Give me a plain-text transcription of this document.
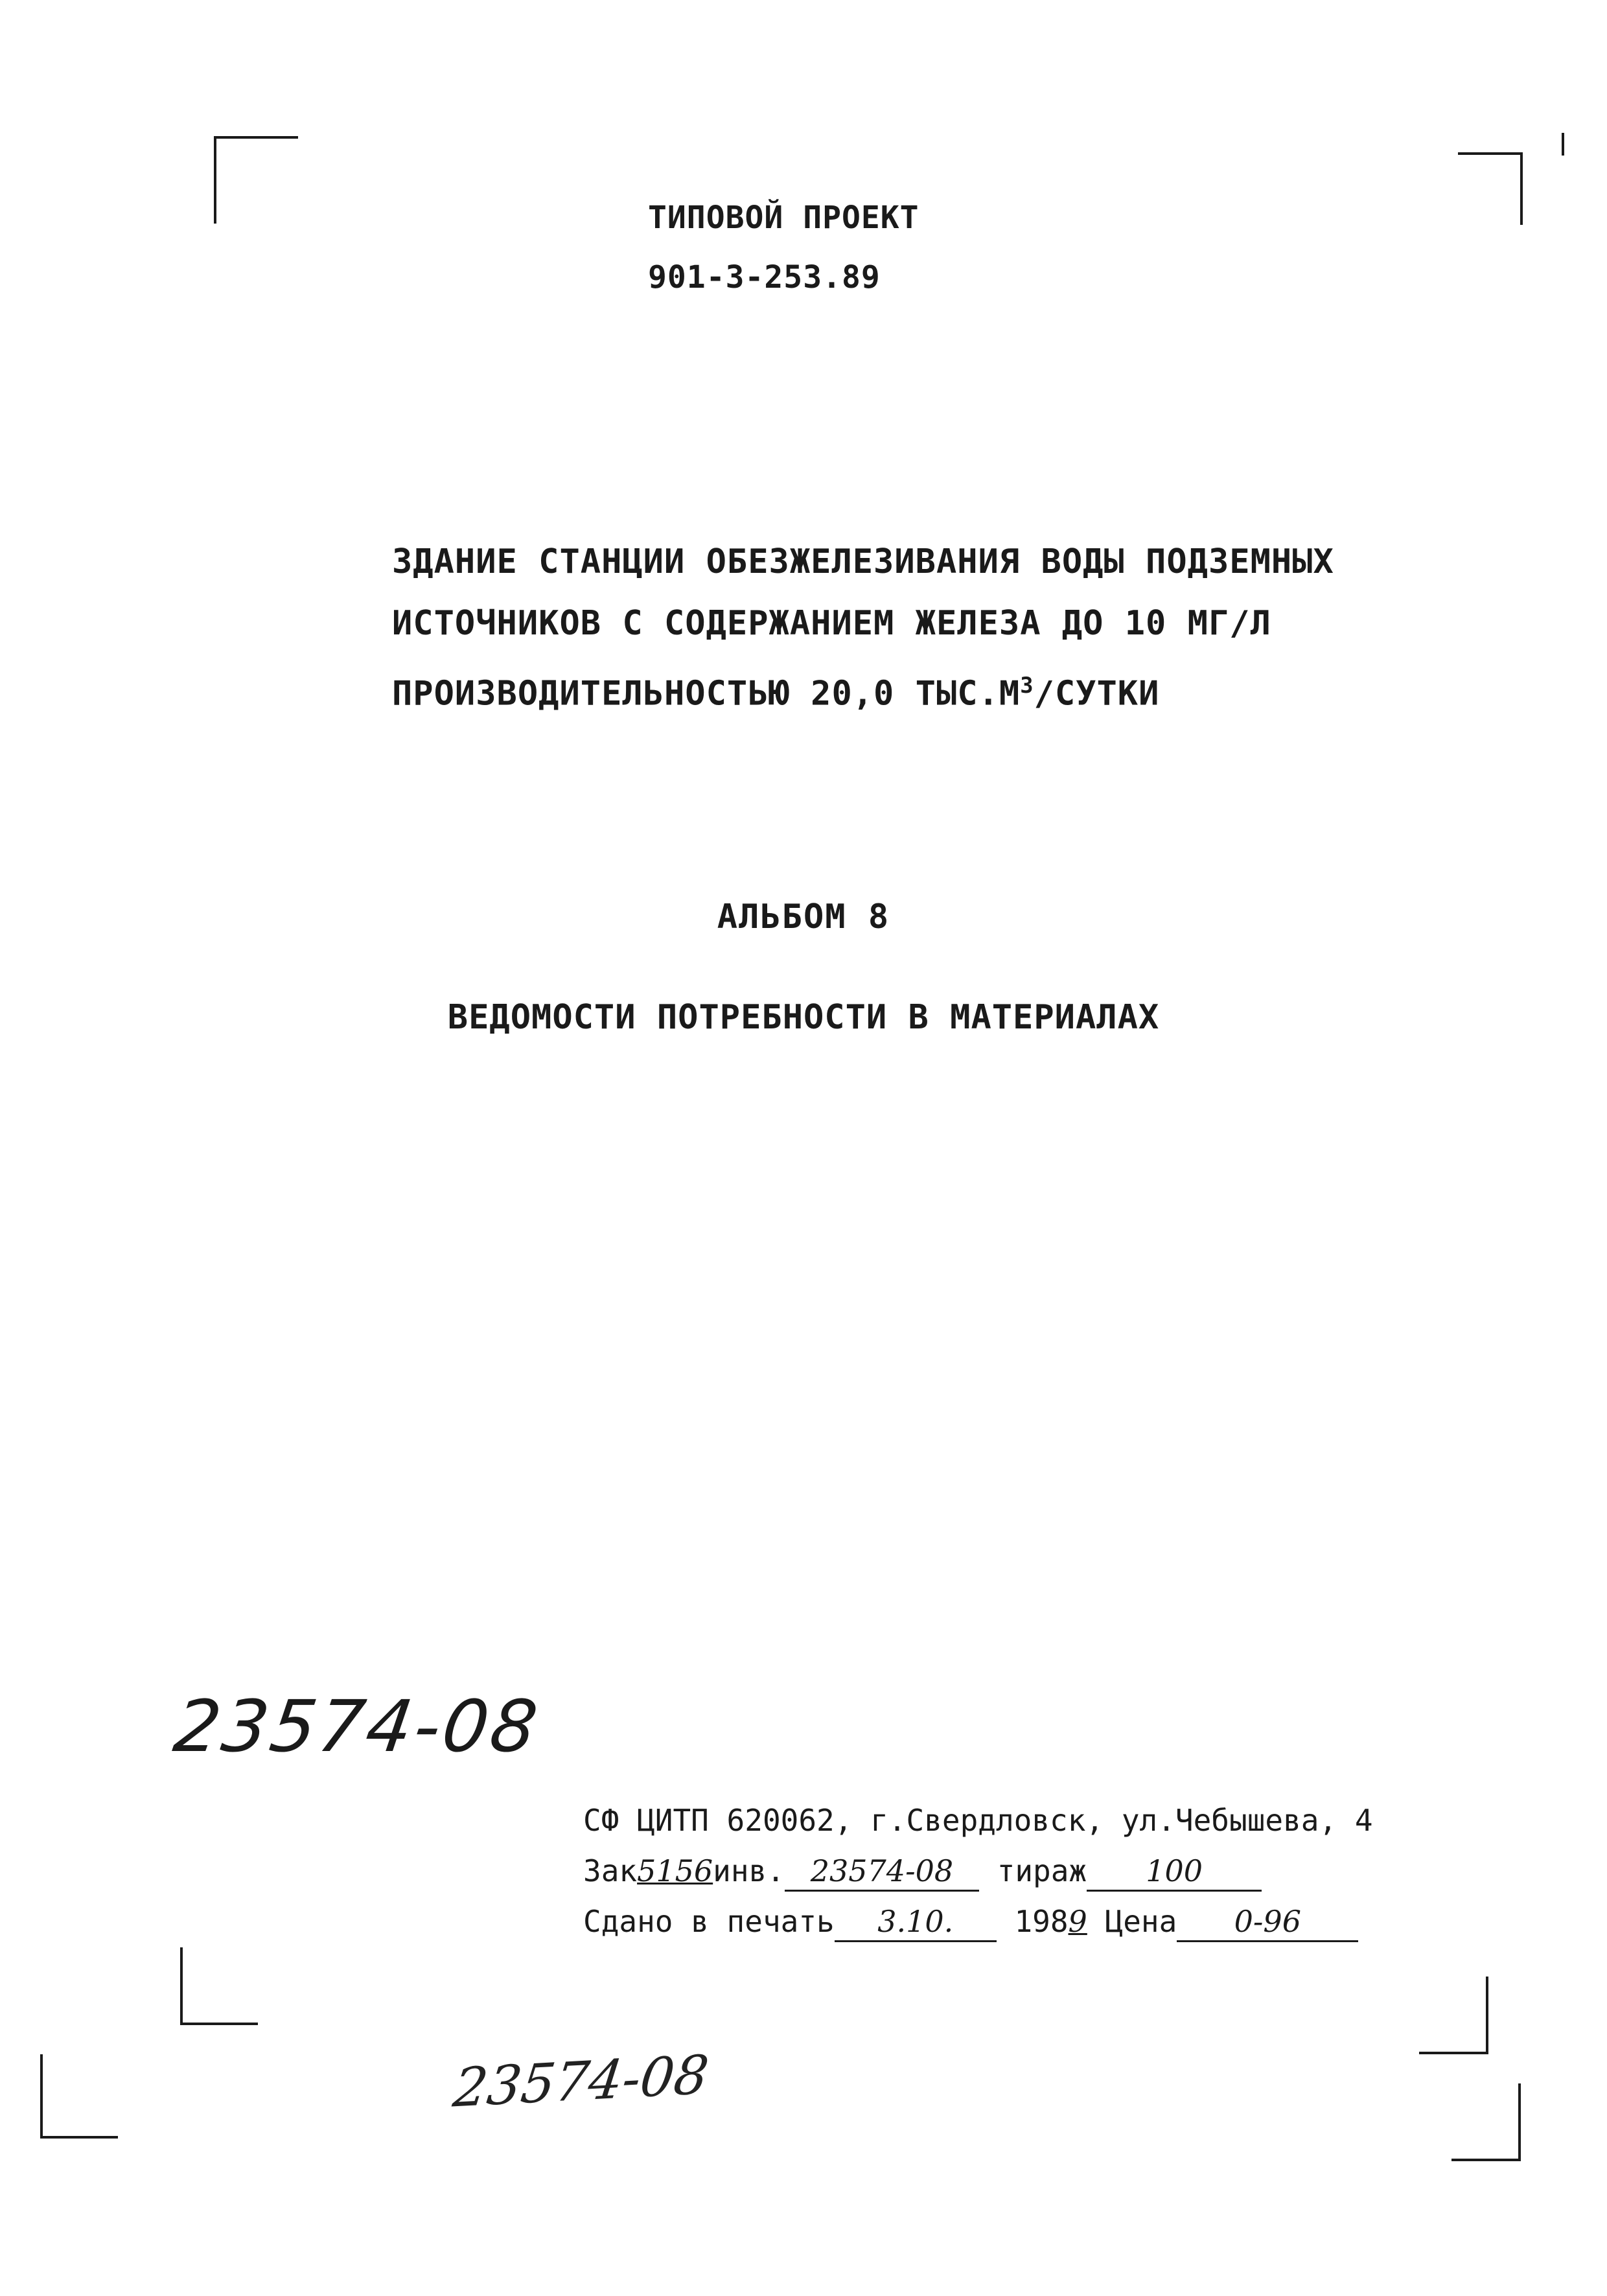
ТИПОВОЙ ПРОЕКТ
901-3-253.89
ЗДАНИЕ СТАНЦИИ ОБЕЗЖЕЛЕЗИВАНИЯ ВОДЫ ПОДЗЕМНЫХ
ИСТОЧНИКОВ С СОДЕРЖАНИЕМ ЖЕЛЕЗА ДО 10 МГ/Л
ПРОИЗВОДИТЕЛЬНОСТЬЮ 20,0 $ТЫС.М^3$/СУТКИ
АЛЬБОМ 8
ВЕДОМОСТИ ПОТРЕБНОСТИ В МАТЕРИАЛАХ
23574-08
СФ ЦИТП 620062, г.Свердловск, ул.Чебышева, 4
Зак5156инв. 23574-08 тираж 100
Сдано в печать 3.10. 1989 Цена 0-96
23574-08
